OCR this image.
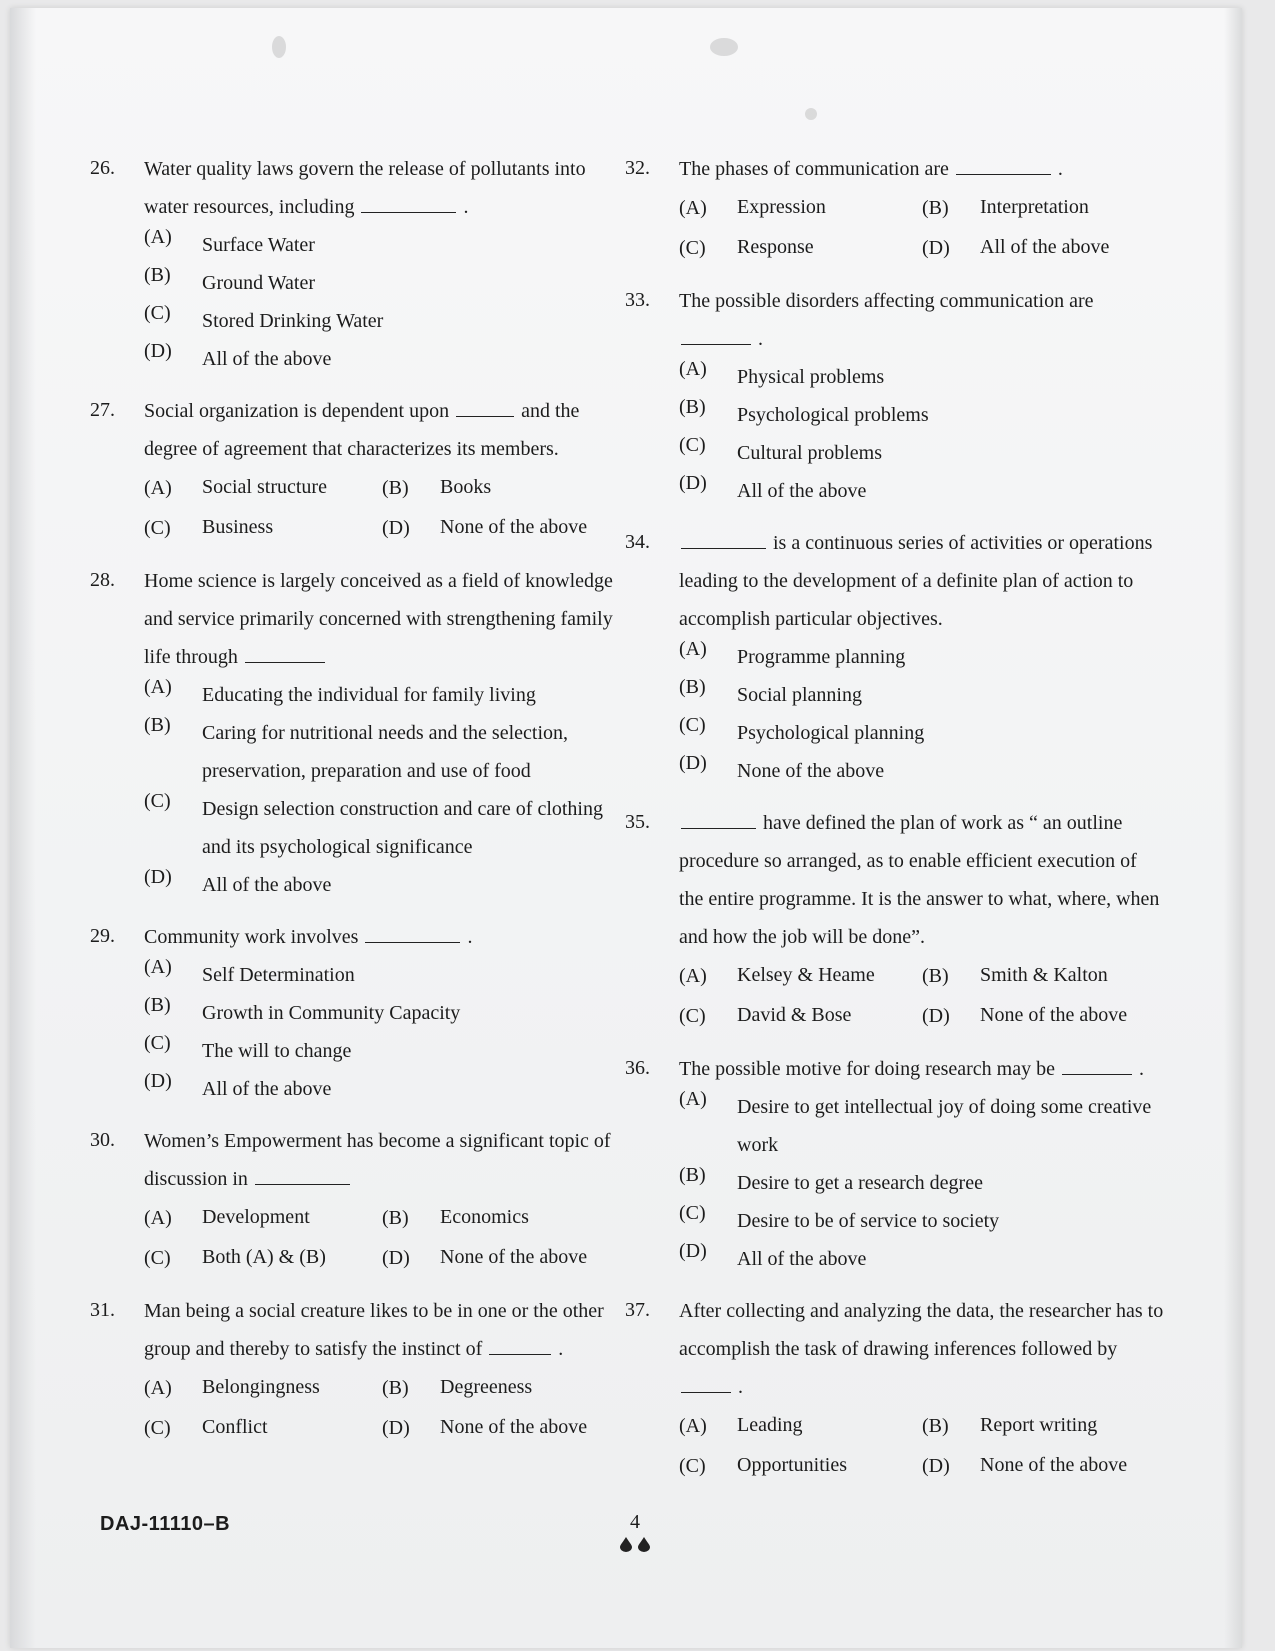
26.	Water quality laws govern the release of pollutants into water resources, including	.
(A)	Surface Water
(B)	Ground Water
(C)	Stored Drinking Water
(D)	All of the above
27.	Social organization is dependent upon	and the degree of agreement that characterizes its members.
(A)	Social structure	(B)	Books
(C)	Business	(D)	None of the above
28.	Home science is largely conceived as a field of knowledge and service primarily concerned with strengthening family life through
(A)	Educating the individual for family living
(B)	Caring for nutritional needs and the selection, preservation, preparation and use of food
(C)	Design selection construction and care of clothing and its psychological significance
(D)	All of the above
29.	Community work involves	.
(A)	Self Determination
(B)	Growth in Community Capacity
(C)	The will to change
(D)	All of the above
30.	Women’s Empowerment has become a significant topic of discussion in
(A)	Development	(B)	Economics
(C)	Both (A) & (B)	(D)	None of the above
31.	Man being a social creature likes to be in one or the other group and thereby to satisfy the instinct of	.
(A)	Belongingness	(B)	Degreeness
(C)	Conflict	(D)	None of the above
32.	The phases of communication are	.
(A)	Expression	(B)	Interpretation
(C)	Response	(D)	All of the above
33.	The possible disorders affecting communication are  .
(A)	Physical problems
(B)	Psychological problems
(C)	Cultural problems
(D)	All of the above
34.	is a continuous series of activities or operations leading to the development of a definite plan of action to accomplish particular objectives.
(A)	Programme planning
(B)	Social planning
(C)	Psychological planning
(D)	None of the above
35.	have defined the plan of work as “ an outline procedure so arranged, as to enable efficient execution of the entire programme. It is the answer to what, where, when and how the job will be done”.
(A)	Kelsey & Heame	(B)	Smith & Kalton
(C)	David & Bose	(D)	None of the above
36.	The possible motive for doing research may be	.
(A)	Desire to get intellectual joy of doing some creative work
(B)	Desire to get a research degree
(C)	Desire to be of service to society
(D)	All of the above
37.	After collecting and analyzing the data, the researcher has to accomplish the task of drawing inferences followed by  .
(A)	Leading	(B)	Report writing
(C)	Opportunities	(D)	None of the above
DAJ-11110–B	4
